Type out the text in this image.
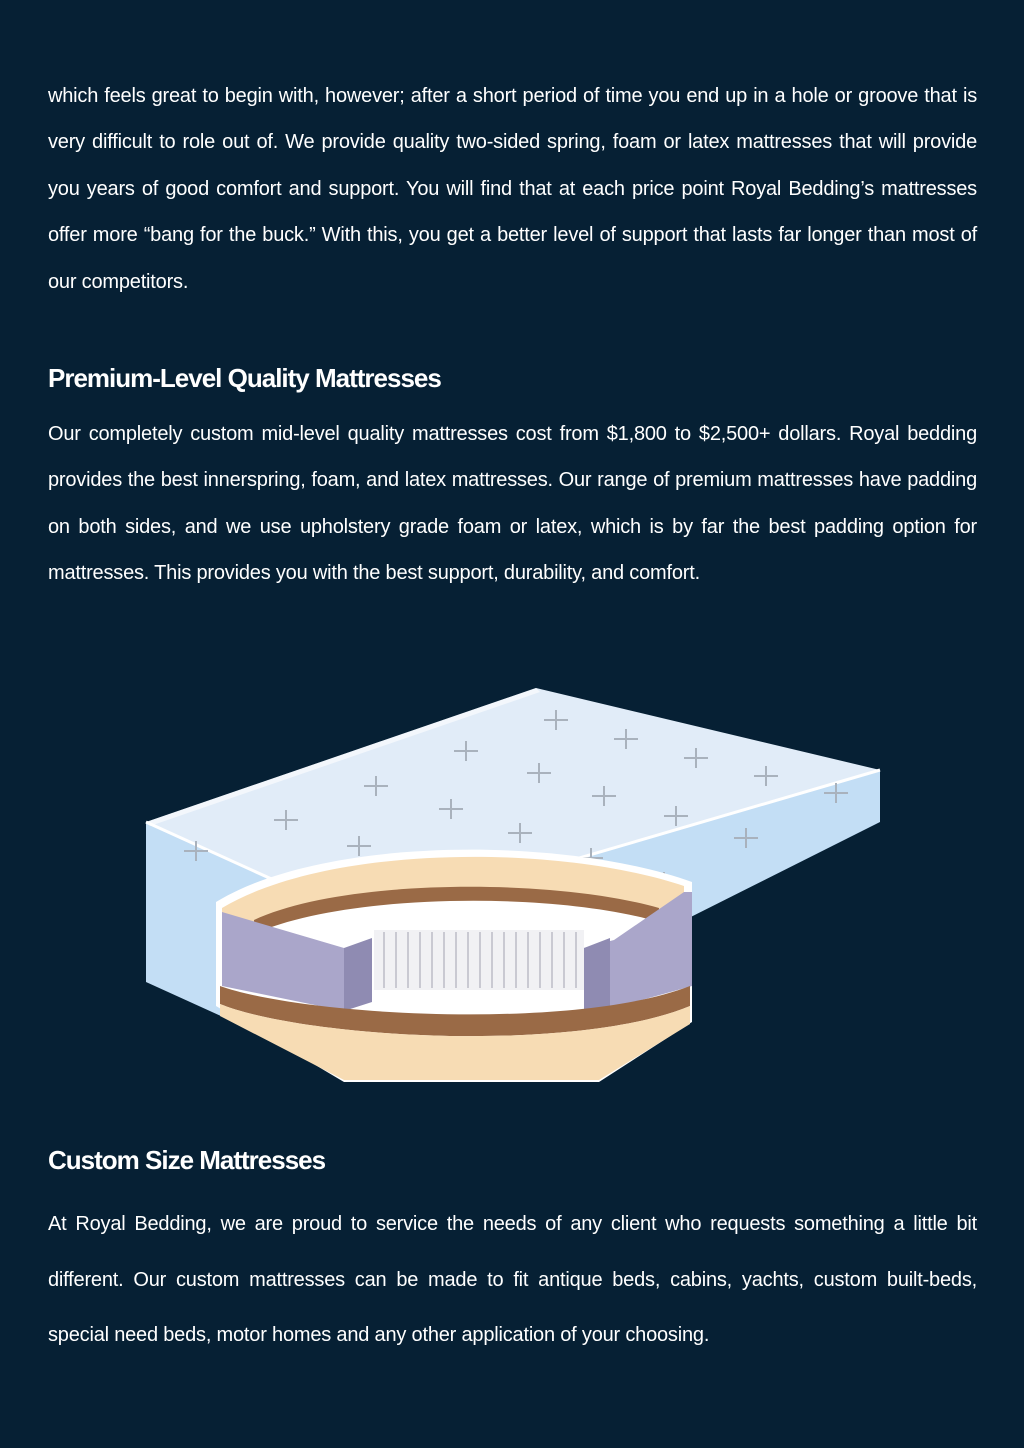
which feels great to begin with, however; after a short period of time you end up in a hole or groove that is very difficult to role out of. We provide quality two-sided spring, foam or latex mattresses that will provide you years of good comfort and support. You will find that at each price point Royal Bedding’s mattresses offer more “bang for the buck.” With this, you get a better level of support that lasts far longer than most of our competitors.

Premium-Level Quality Mattresses

Our completely custom mid-level quality mattresses cost from $1,800 to $2,500+ dollars. Royal bedding provides the best innerspring, foam, and latex mattresses. Our range of premium mattresses have padding on both sides, and we use upholstery grade foam or latex, which is by far the best padding option for mattresses. This provides you with the best support, durability, and comfort.

Custom Size Mattresses

At Royal Bedding, we are proud to service the needs of any client who requests something a little bit different. Our custom mattresses can be made to fit antique beds, cabins, yachts, custom built-beds, special need beds, motor homes and any other application of your choosing.
